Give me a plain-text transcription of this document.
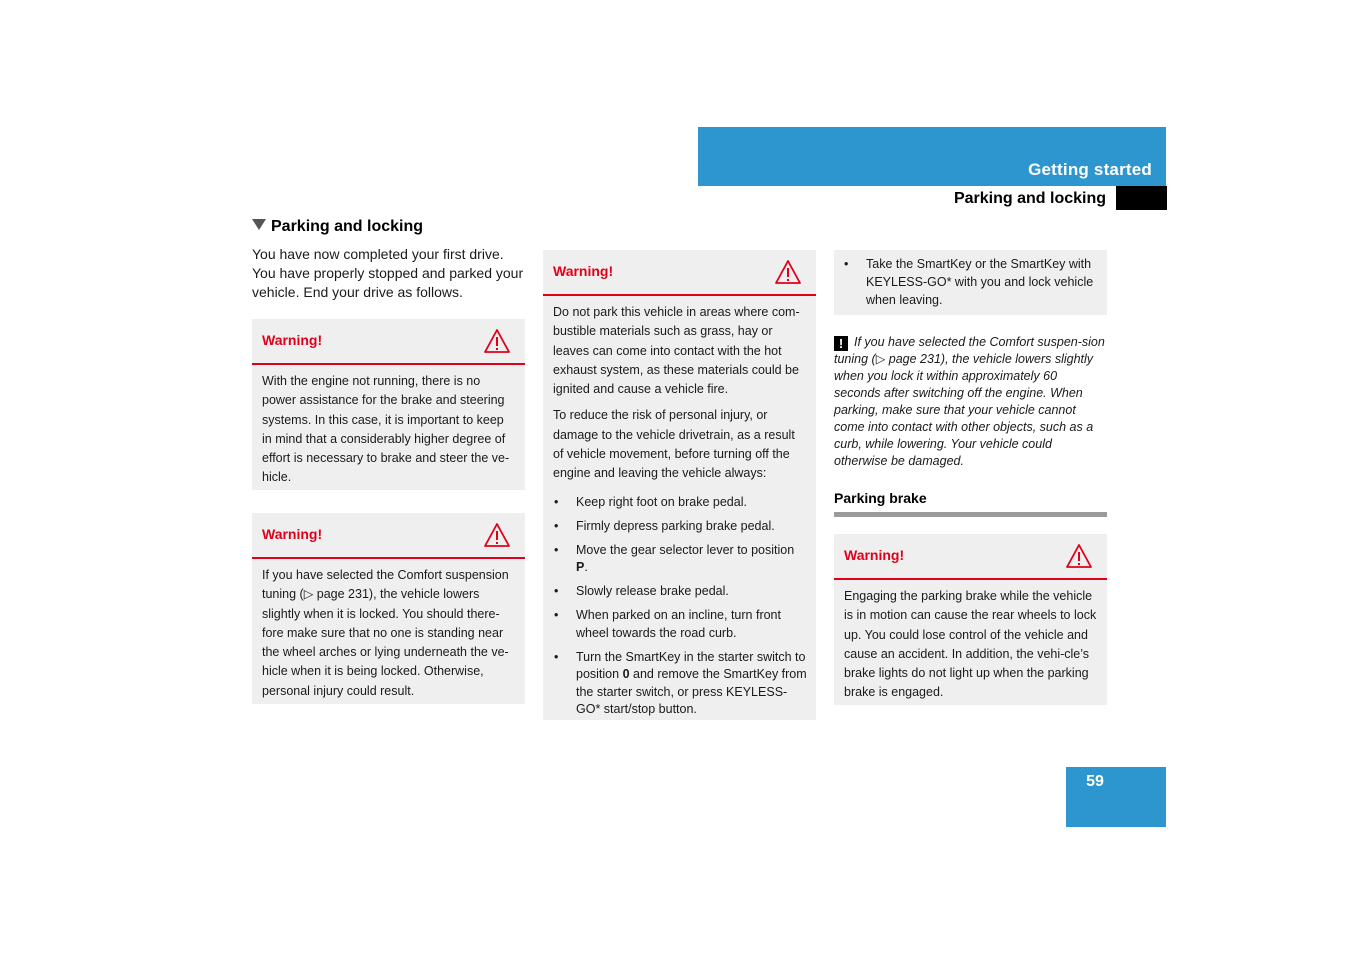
Getting started
Parking and locking
Parking and locking
You have now completed your first drive. You have properly stopped and parked your vehicle. End your drive as follows.
Warning!

With the engine not running, there is no power assistance for the brake and steering systems. In this case, it is important to keep in mind that a considerably higher degree of effort is necessary to brake and steer the ve-hicle.

Warning!

If you have selected the Comfort suspension tuning (▷ page 231), the vehicle lowers slightly when it is locked. You should there-fore make sure that no one is standing near the wheel arches or lying underneath the ve-hicle when it is being locked. Otherwise, personal injury could result.

Warning!

Do not park this vehicle in areas where com-bustible materials such as grass, hay or leaves can come into contact with the hot exhaust system, as these materials could be ignited and cause a vehicle fire.

To reduce the risk of personal injury, or damage to the vehicle drivetrain, as a result of vehicle movement, before turning off the engine and leaving the vehicle always:

• Keep right foot on brake pedal.
• Firmly depress parking brake pedal.
• Move the gear selector lever to position P.
• Slowly release brake pedal.
• When parked on an incline, turn front wheel towards the road curb.
• Turn the SmartKey in the starter switch to position 0 and remove the SmartKey from the starter switch, or press KEYLESS-GO* start/stop button.
• Take the SmartKey or the SmartKey with KEYLESS-GO* with you and lock vehicle when leaving.
! If you have selected the Comfort suspen-sion tuning (▷ page 231), the vehicle lowers slightly when you lock it within approximately 60 seconds after switching off the engine. When parking, make sure that your vehicle cannot come into contact with other objects, such as a curb, while lowering. Your vehicle could otherwise be damaged.
Parking brake
Warning!

Engaging the parking brake while the vehicle is in motion can cause the rear wheels to lock up. You could lose control of the vehicle and cause an accident. In addition, the vehi-cle’s brake lights do not light up when the parking brake is engaged.

59
